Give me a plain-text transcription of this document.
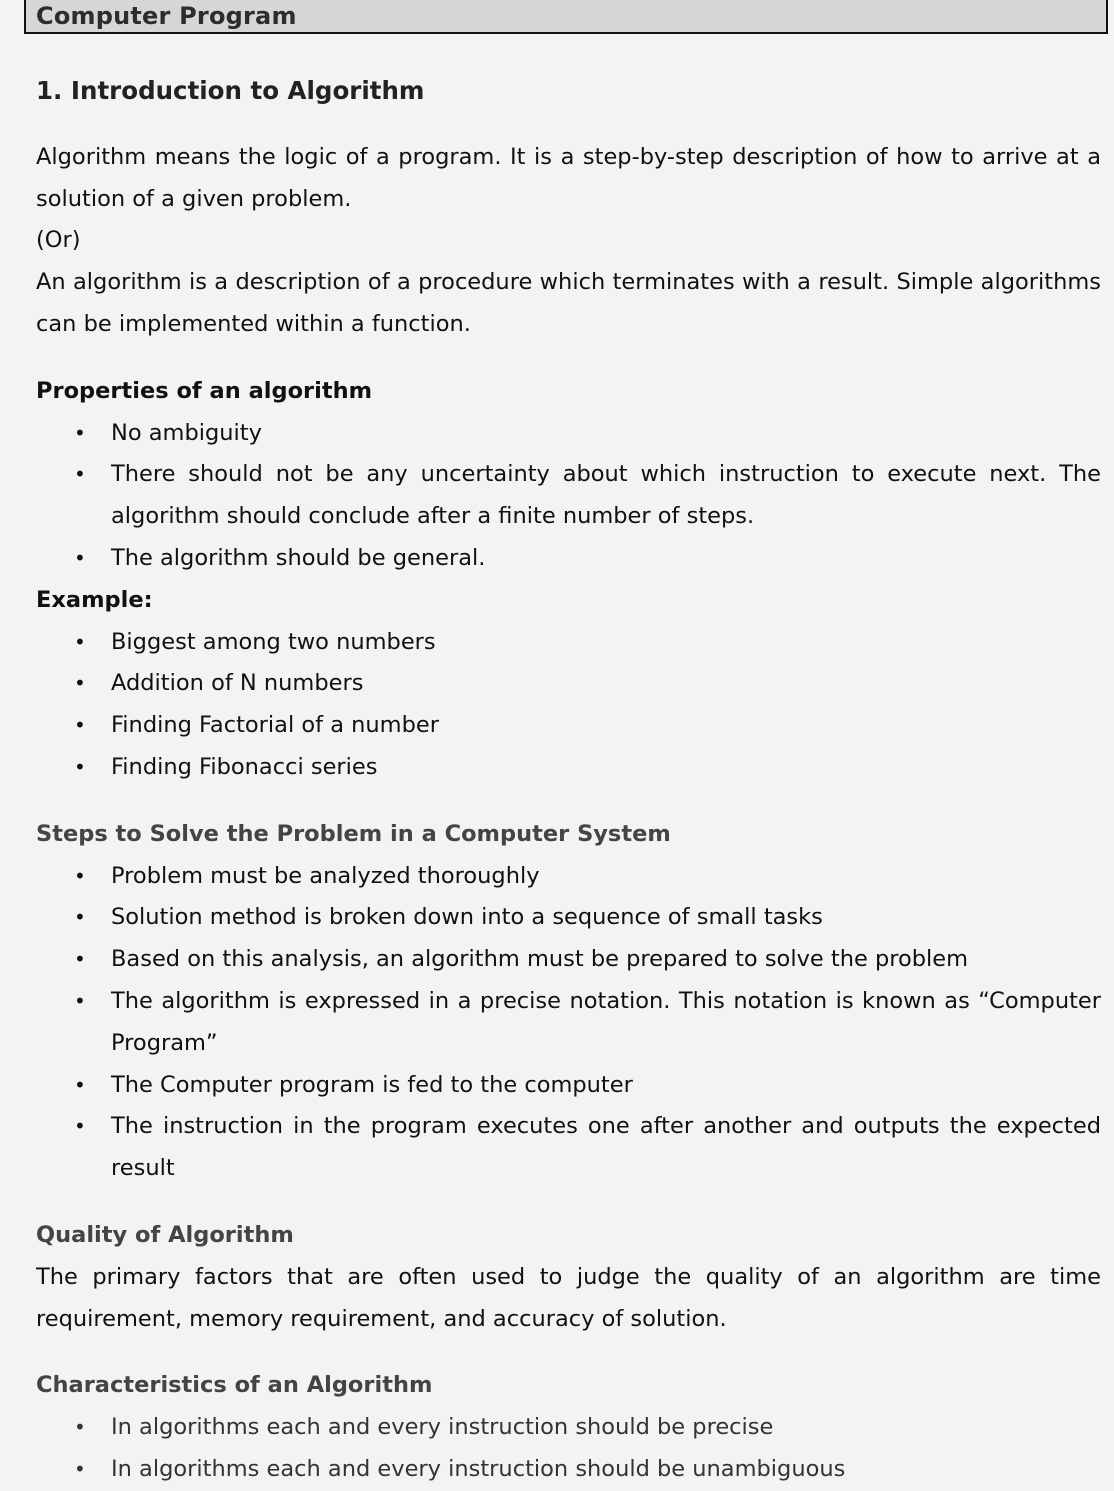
Computer Program
1. Introduction to Algorithm

Algorithm means the logic of a program. It is a step-by-step description of how to arrive at a solution of a given problem.

(Or)

An algorithm is a description of a procedure which terminates with a result. Simple algorithms can be implemented within a function.

Properties of an algorithm
• No ambiguity
• There should not be any uncertainty about which instruction to execute next. The algorithm should conclude after a finite number of steps.
• The algorithm should be general.
Example:
• Biggest among two numbers
• Addition of N numbers
• Finding Factorial of a number
• Finding Fibonacci series
Steps to Solve the Problem in a Computer System
• Problem must be analyzed thoroughly
• Solution method is broken down into a sequence of small tasks
• Based on this analysis, an algorithm must be prepared to solve the problem
• The algorithm is expressed in a precise notation. This notation is known as “Computer Program”
• The Computer program is fed to the computer
• The instruction in the program executes one after another and outputs the expected result
Quality of Algorithm

The primary factors that are often used to judge the quality of an algorithm are time requirement, memory requirement, and accuracy of solution.

Characteristics of an Algorithm
• In algorithms each and every instruction should be precise
• In algorithms each and every instruction should be unambiguous
